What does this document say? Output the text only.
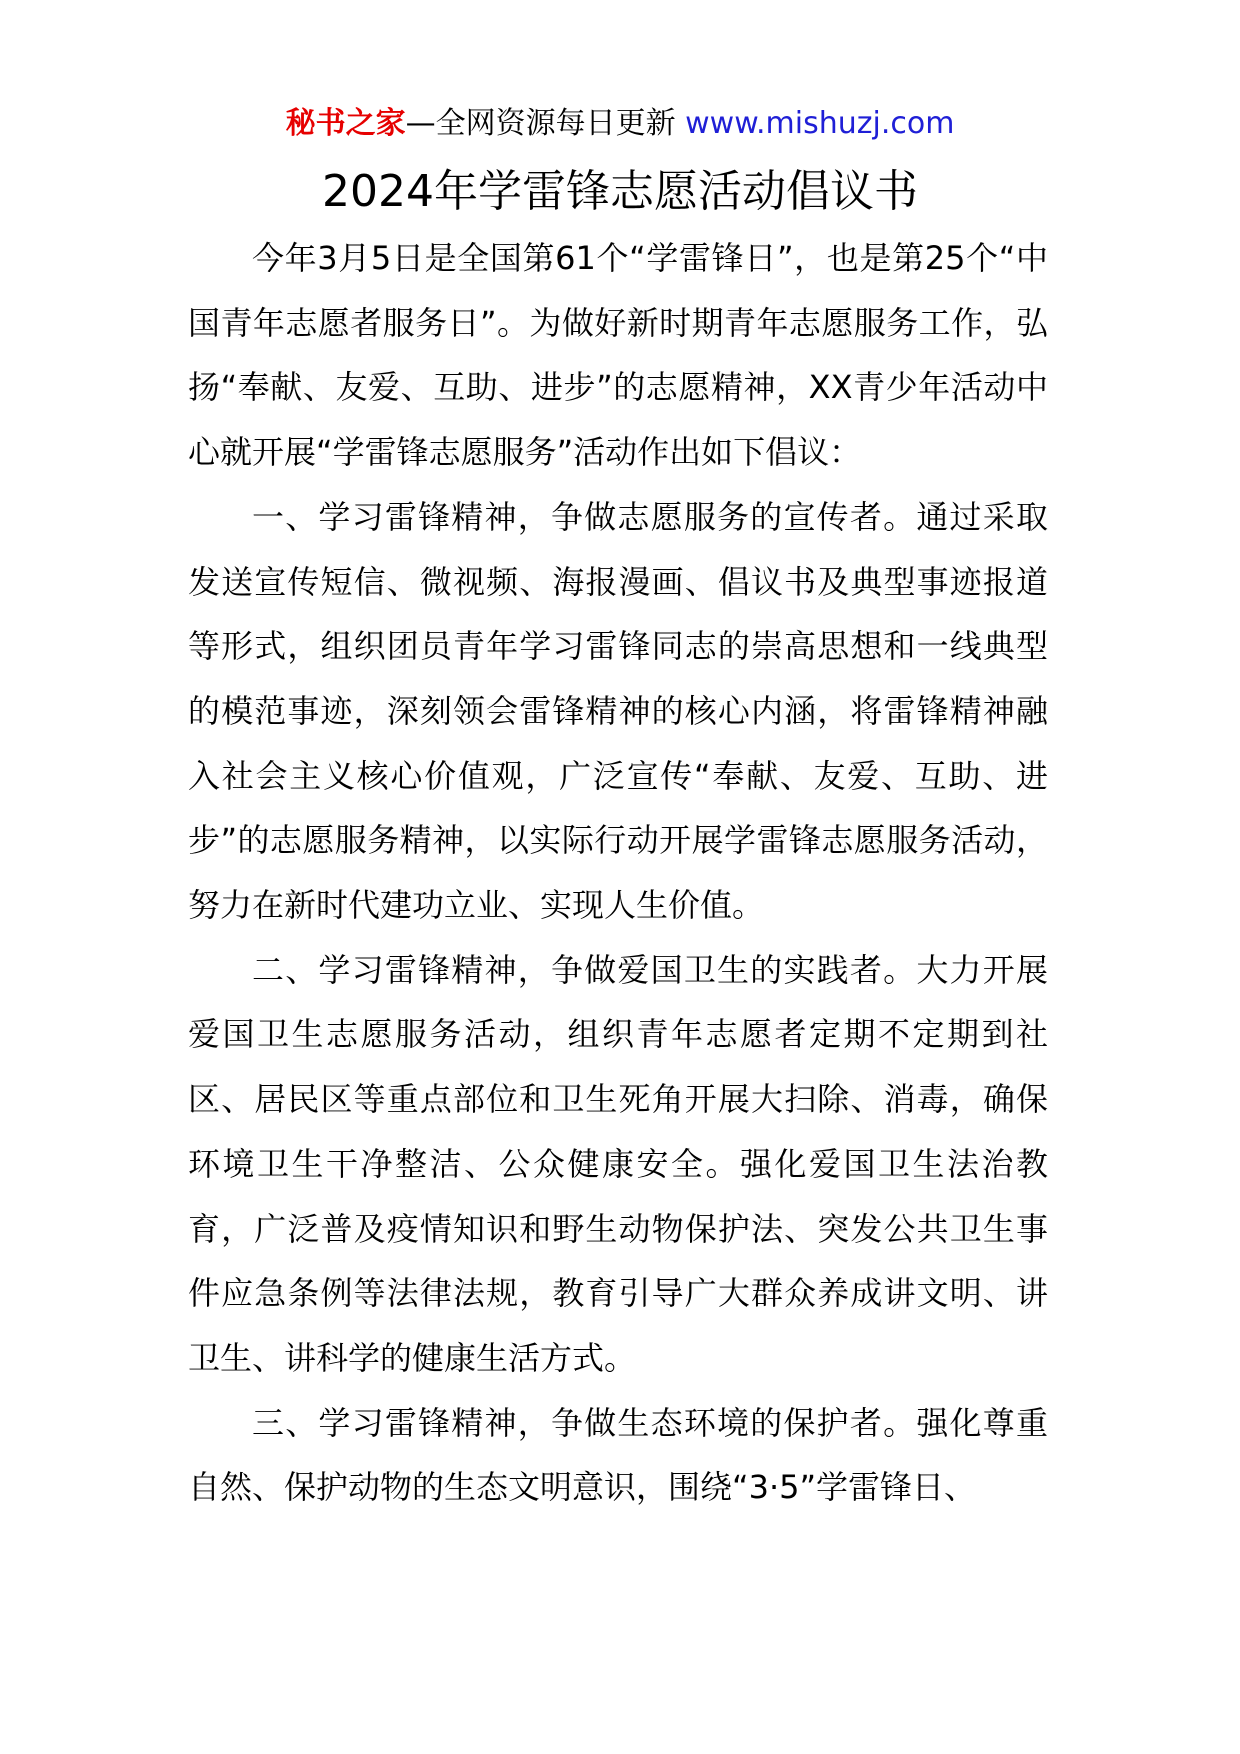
秘书之家—全网资源每日更新 www.mishuzj.com
2024年学雷锋志愿活动倡议书

今年3月5日是全国第61个“学雷锋日”，也是第25个“中国青年志愿者服务日”。为做好新时期青年志愿服务工作，弘扬“奉献、友爱、互助、进步”的志愿精神，XX青少年活动中心就开展“学雷锋志愿服务”活动作出如下倡议：

一、学习雷锋精神，争做志愿服务的宣传者。通过采取发送宣传短信、微视频、海报漫画、倡议书及典型事迹报道等形式，组织团员青年学习雷锋同志的崇高思想和一线典型的模范事迹，深刻领会雷锋精神的核心内涵，将雷锋精神融入社会主义核心价值观，广泛宣传“奉献、友爱、互助、进步”的志愿服务精神，以实际行动开展学雷锋志愿服务活动，努力在新时代建功立业、实现人生价值。

二、学习雷锋精神，争做爱国卫生的实践者。大力开展爱国卫生志愿服务活动，组织青年志愿者定期不定期到社区、居民区等重点部位和卫生死角开展大扫除、消毒，确保环境卫生干净整洁、公众健康安全。强化爱国卫生法治教育，广泛普及疫情知识和野生动物保护法、突发公共卫生事件应急条例等法律法规，教育引导广大群众养成讲文明、讲卫生、讲科学的健康生活方式。

三、学习雷锋精神，争做生态环境的保护者。强化尊重自然、保护动物的生态文明意识，围绕“3·5”学雷锋日、
